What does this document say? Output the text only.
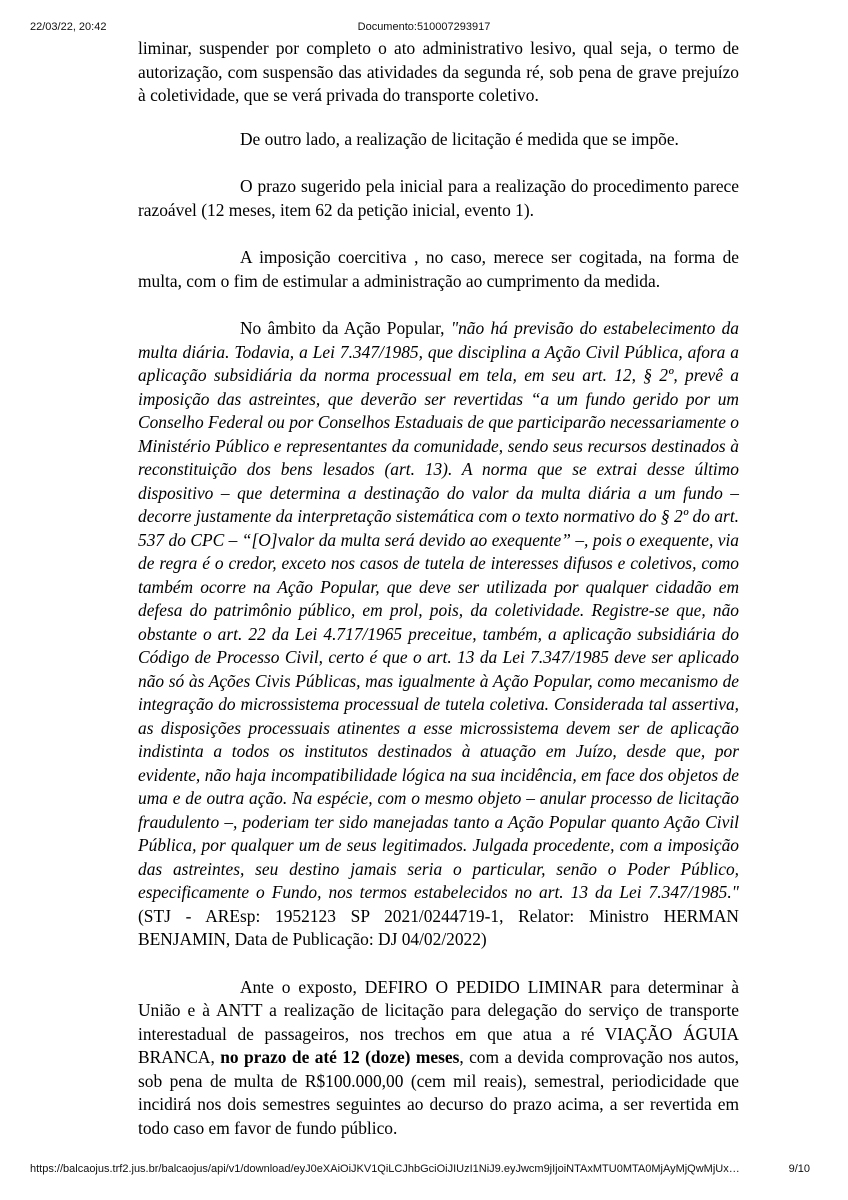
22/03/22, 20:42	Documento:510007293917

liminar, suspender por completo o ato administrativo lesivo, qual seja, o termo de autorização, com suspensão das atividades da segunda ré, sob pena de grave prejuízo à coletividade, que se verá privada do transporte coletivo.

De outro lado, a realização de licitação é medida que se impõe.

O prazo sugerido pela inicial para a realização do procedimento parece razoável (12 meses, item 62 da petição inicial, evento 1).

A imposição coercitiva , no caso, merece ser cogitada, na forma de multa, com o fim de estimular a administração ao cumprimento da medida.

No âmbito da Ação Popular, "não há previsão do estabelecimento da multa diária. Todavia, a Lei 7.347/1985, que disciplina a Ação Civil Pública, afora a aplicação subsidiária da norma processual em tela, em seu art. 12, § 2º, prevê a imposição das astreintes, que deverão ser revertidas “a um fundo gerido por um Conselho Federal ou por Conselhos Estaduais de que participarão necessariamente o Ministério Público e representantes da comunidade, sendo seus recursos destinados à reconstituição dos bens lesados (art. 13). A norma que se extrai desse último dispositivo – que determina a destinação do valor da multa diária a um fundo – decorre justamente da interpretação sistemática com o texto normativo do § 2º do art. 537 do CPC – “[O]valor da multa será devido ao exequente” –, pois o exequente, via de regra é o credor, exceto nos casos de tutela de interesses difusos e coletivos, como também ocorre na Ação Popular, que deve ser utilizada por qualquer cidadão em defesa do patrimônio público, em prol, pois, da coletividade. Registre-se que, não obstante o art. 22 da Lei 4.717/1965 preceitue, também, a aplicação subsidiária do Código de Processo Civil, certo é que o art. 13 da Lei 7.347/1985 deve ser aplicado não só às Ações Civis Públicas, mas igualmente à Ação Popular, como mecanismo de integração do microssistema processual de tutela coletiva. Considerada tal assertiva, as disposições processuais atinentes a esse microssistema devem ser de aplicação indistinta a todos os institutos destinados à atuação em Juízo, desde que, por evidente, não haja incompatibilidade lógica na sua incidência, em face dos objetos de uma e de outra ação. Na espécie, com o mesmo objeto – anular processo de licitação fraudulento –, poderiam ter sido manejadas tanto a Ação Popular quanto Ação Civil Pública, por qualquer um de seus legitimados. Julgada procedente, com a imposição das astreintes, seu destino jamais seria o particular, senão o Poder Público, especificamente o Fundo, nos termos estabelecidos no art. 13 da Lei 7.347/1985." (STJ - AREsp: 1952123 SP 2021/0244719-1, Relator: Ministro HERMAN BENJAMIN, Data de Publicação: DJ 04/02/2022)

Ante o exposto, DEFIRO O PEDIDO LIMINAR para determinar à União e à ANTT a realização de licitação para delegação do serviço de transporte interestadual de passageiros, nos trechos em que atua a ré VIAÇÃO ÁGUIA BRANCA, no prazo de até 12 (doze) meses, com a devida comprovação nos autos, sob pena de multa de R$100.000,00 (cem mil reais), semestral, periodicidade que incidirá nos dois semestres seguintes ao decurso do prazo acima, a ser revertida em todo caso em favor de fundo público.

https://balcaojus.trf2.jus.br/balcaojus/api/v1/download/eyJ0eXAiOiJKV1QiLCJhbGciOiJIUzI1NiJ9.eyJwcm9jIjoiNTAxMTU0MTA0MjAyMjQwMjUx…	9/10
